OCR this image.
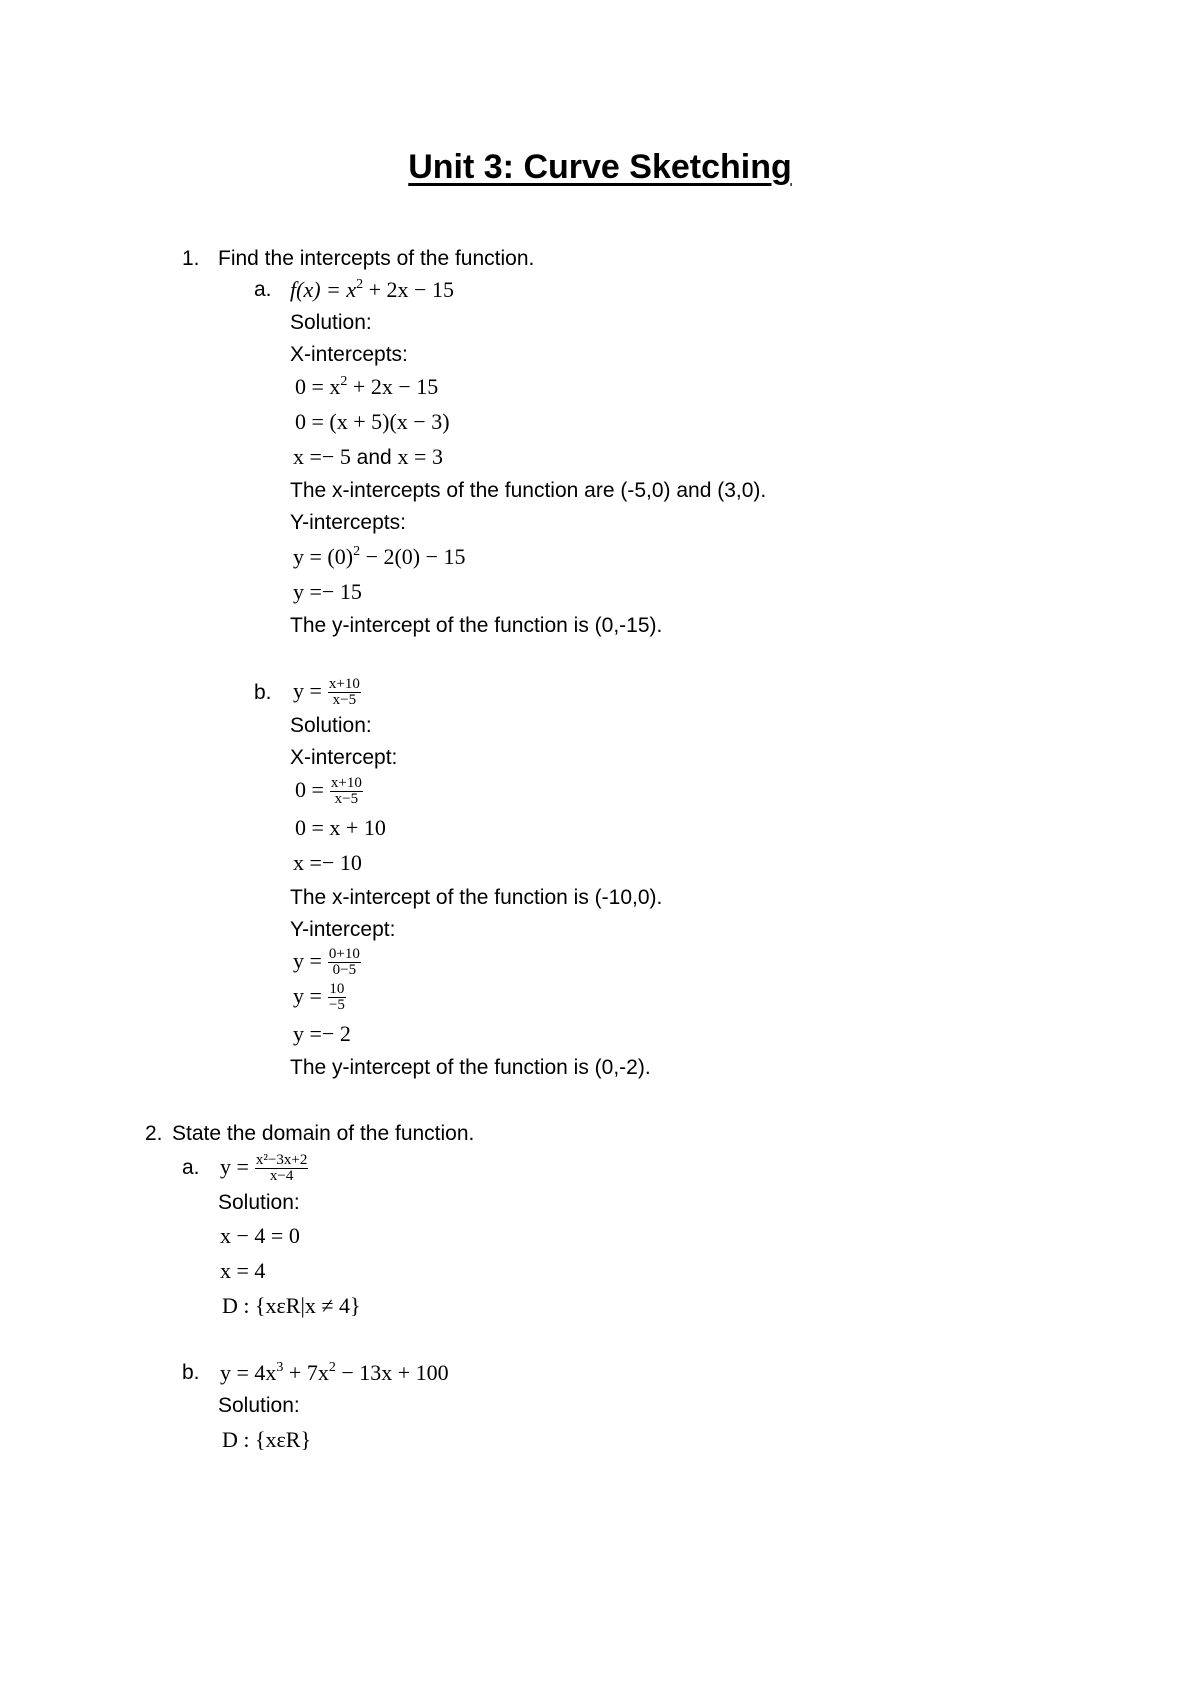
Unit 3: Curve Sketching
1. Find the intercepts of the function.
a. $f(x) = x^2 + 2x - 15$
Solution:
X-intercepts:
$0 = x^2 + 2x - 15$
0 = (x + 5)(x − 3)
x =− 5 and x = 3
The x-intercepts of the function are (-5,0) and (3,0).
Y-intercepts:
$y = (0)^2 - 2(0) - 15$
y =− 15
The y-intercept of the function is (0,-15).
b. $y = \frac{x+10}{x-5}$
Solution:
X-intercept:
$0 = \frac{x+10}{x-5}$
0 = x + 10
x =− 10
The x-intercept of the function is (-10,0).
Y-intercept:
$y = \frac{0+10}{0-5}$
$y = \frac{10}{-5}$
y =− 2
The y-intercept of the function is (0,-2).
2. State the domain of the function.
a. $y = \frac{\text{x²−3x+2}}{x-4}$
Solution:
x − 4 = 0
x = 4
D : {xεR|x ≠ 4}
b. $y = 4x^3 + 7x^2 - 13x + 100$
Solution:
D : {xεR}
